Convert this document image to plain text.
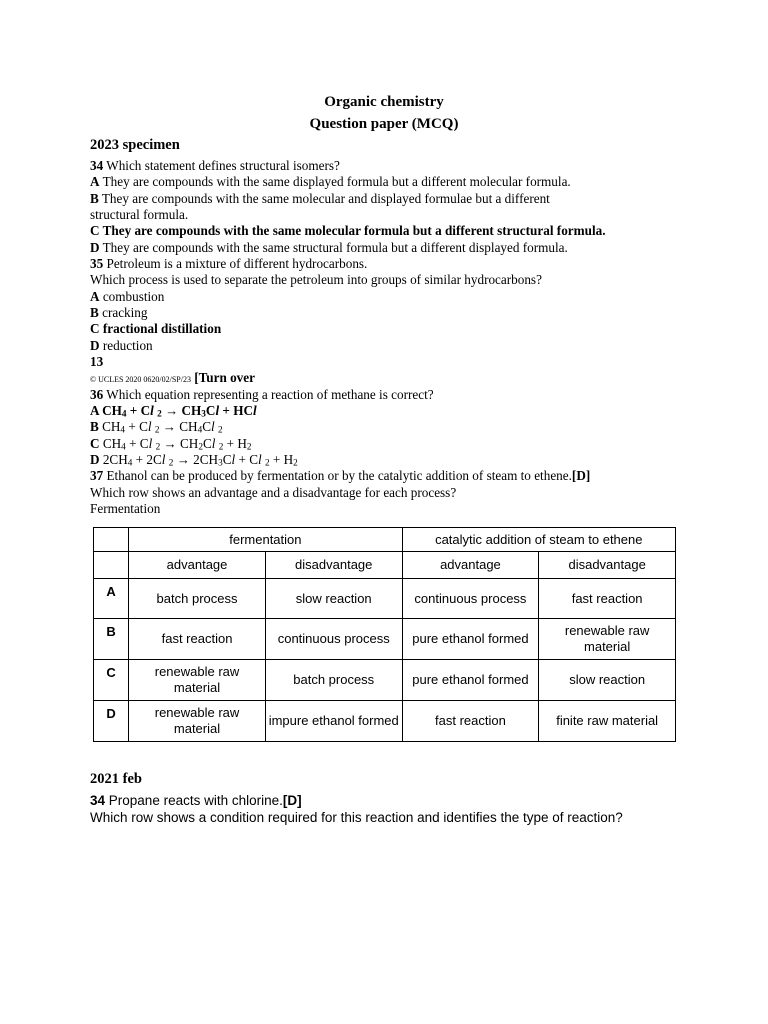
Organic chemistry
Question paper (MCQ)
2023 specimen
34 Which statement defines structural isomers?
A They are compounds with the same displayed formula but a different molecular formula.
B They are compounds with the same molecular and displayed formulae but a different
structural formula.
C They are compounds with the same molecular formula but a different structural formula.
D They are compounds with the same structural formula but a different displayed formula.
35 Petroleum is a mixture of different hydrocarbons.
Which process is used to separate the petroleum into groups of similar hydrocarbons?
A combustion
B cracking
C fractional distillation
D reduction
13
© UCLES 2020 0620/02/SP/23 [Turn over
36 Which equation representing a reaction of methane is correct?
A $CH_4 + Cl$ $_2 \to CH_3Cl$ + HCl
B $CH_4 + Cl$ $_2 \to CH_4Cl$ $_2$
C $CH_4 + Cl$ $_2 \to CH_2Cl$ $_2 + H_2$
D $2CH_4 + 2Cl$ $_2 \to 2CH_3Cl + Cl$ $_2 + H_2$
37 Ethanol can be produced by fermentation or by the catalytic addition of steam to ethene.[D]
Which row shows an advantage and a disadvantage for each process?
Fermentation
	fermentation		catalytic addition of steam to ethene	
	advantage	disadvantage	advantage	disadvantage
A	batch process	slow reaction	continuous process	fast reaction
B	fast reaction	continuous process	pure ethanol formed	renewable raw material
C	renewable raw material	batch process	pure ethanol formed	slow reaction
D	renewable raw material	impure ethanol formed	fast reaction	finite raw material
2021 feb
34 Propane reacts with chlorine.[D]
Which row shows a condition required for this reaction and identifies the type of reaction?
